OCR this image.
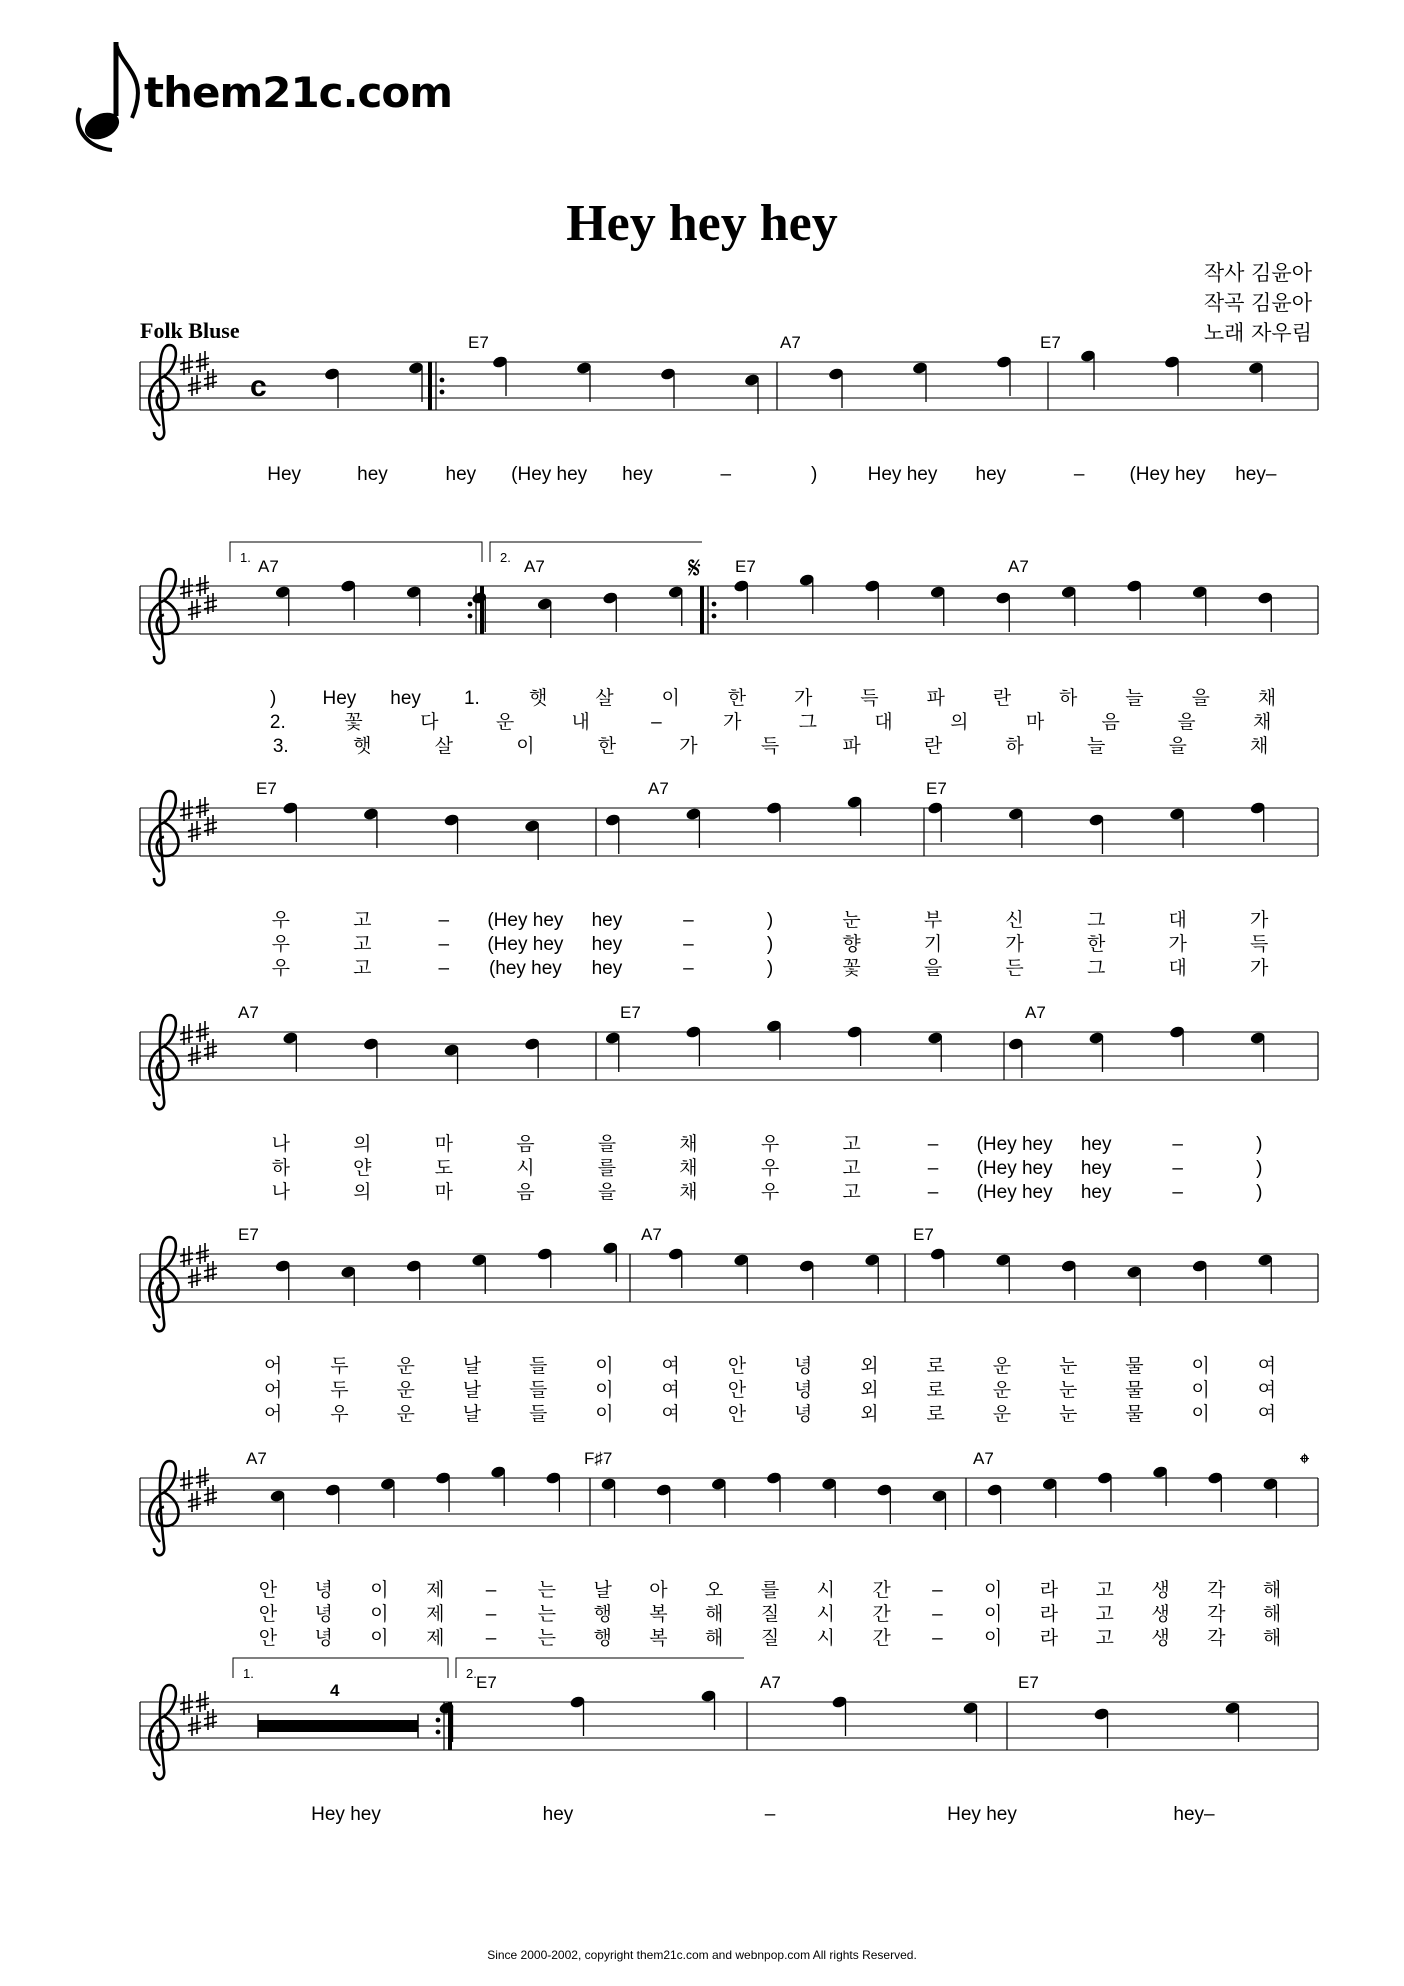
them21c.com
Hey hey hey
작사 김윤아
작곡 김윤아
노래 자우림
Folk Bluse
c
E7	A7	E7
Hey	hey	hey (Hey hey hey	–	)	Hey hey hey	– (Hey hey hey–
𝄋
1.	2.
A7	A7	E7	A7
) Hey hey 1.	햇	살	이	한	가	득	파	란	하	늘	을	채
2.	꽃	다	운	내	–	가	그	대	의	마	음	을	채
3.	햇	살	이	한	가	득	파	란	하	늘	을	채
E7	A7	E7
우	고	– (Hey hey hey	–	)	눈	부	신	그	대	가
우	고	– (Hey hey hey	–	)	향	기	가	한	가	득
우	고	– (hey hey hey	–	)	꽃	을	든	그	대	가
A7	E7	A7
나	의	마	음	을	채	우	고	– (Hey hey hey	–	)
하	얀	도	시	를	채	우	고	– (Hey hey hey	–	)
나	의	마	음	을	채	우	고	– (Hey hey hey	–	)
E7	A7	E7
어	두	운	날	들	이	여	안	녕	외	로	운	눈	물	이	여
어	두	운	날	들	이	여	안	녕	외	로	운	눈	물	이	여
어	우	운	날	들	이	여	안	녕	외	로	운	눈	물	이	여
𝄌
A7	F♯7	A7
안 녕 이 제 – 는 날 아 오 를 시 간 – 이 라 고 생 각 해
안 녕 이 제 – 는 행 복 해 질 시 간 – 이 라 고 생 각 해
안 녕 이 제 – 는 행 복 해 질 시 간 – 이 라 고 생 각 해
1.	2.
4	E7	A7	E7
Hey hey	hey	–	Hey hey	hey–
Since 2000-2002, copyright them21c.com and webnpop.com All rights Reserved.
